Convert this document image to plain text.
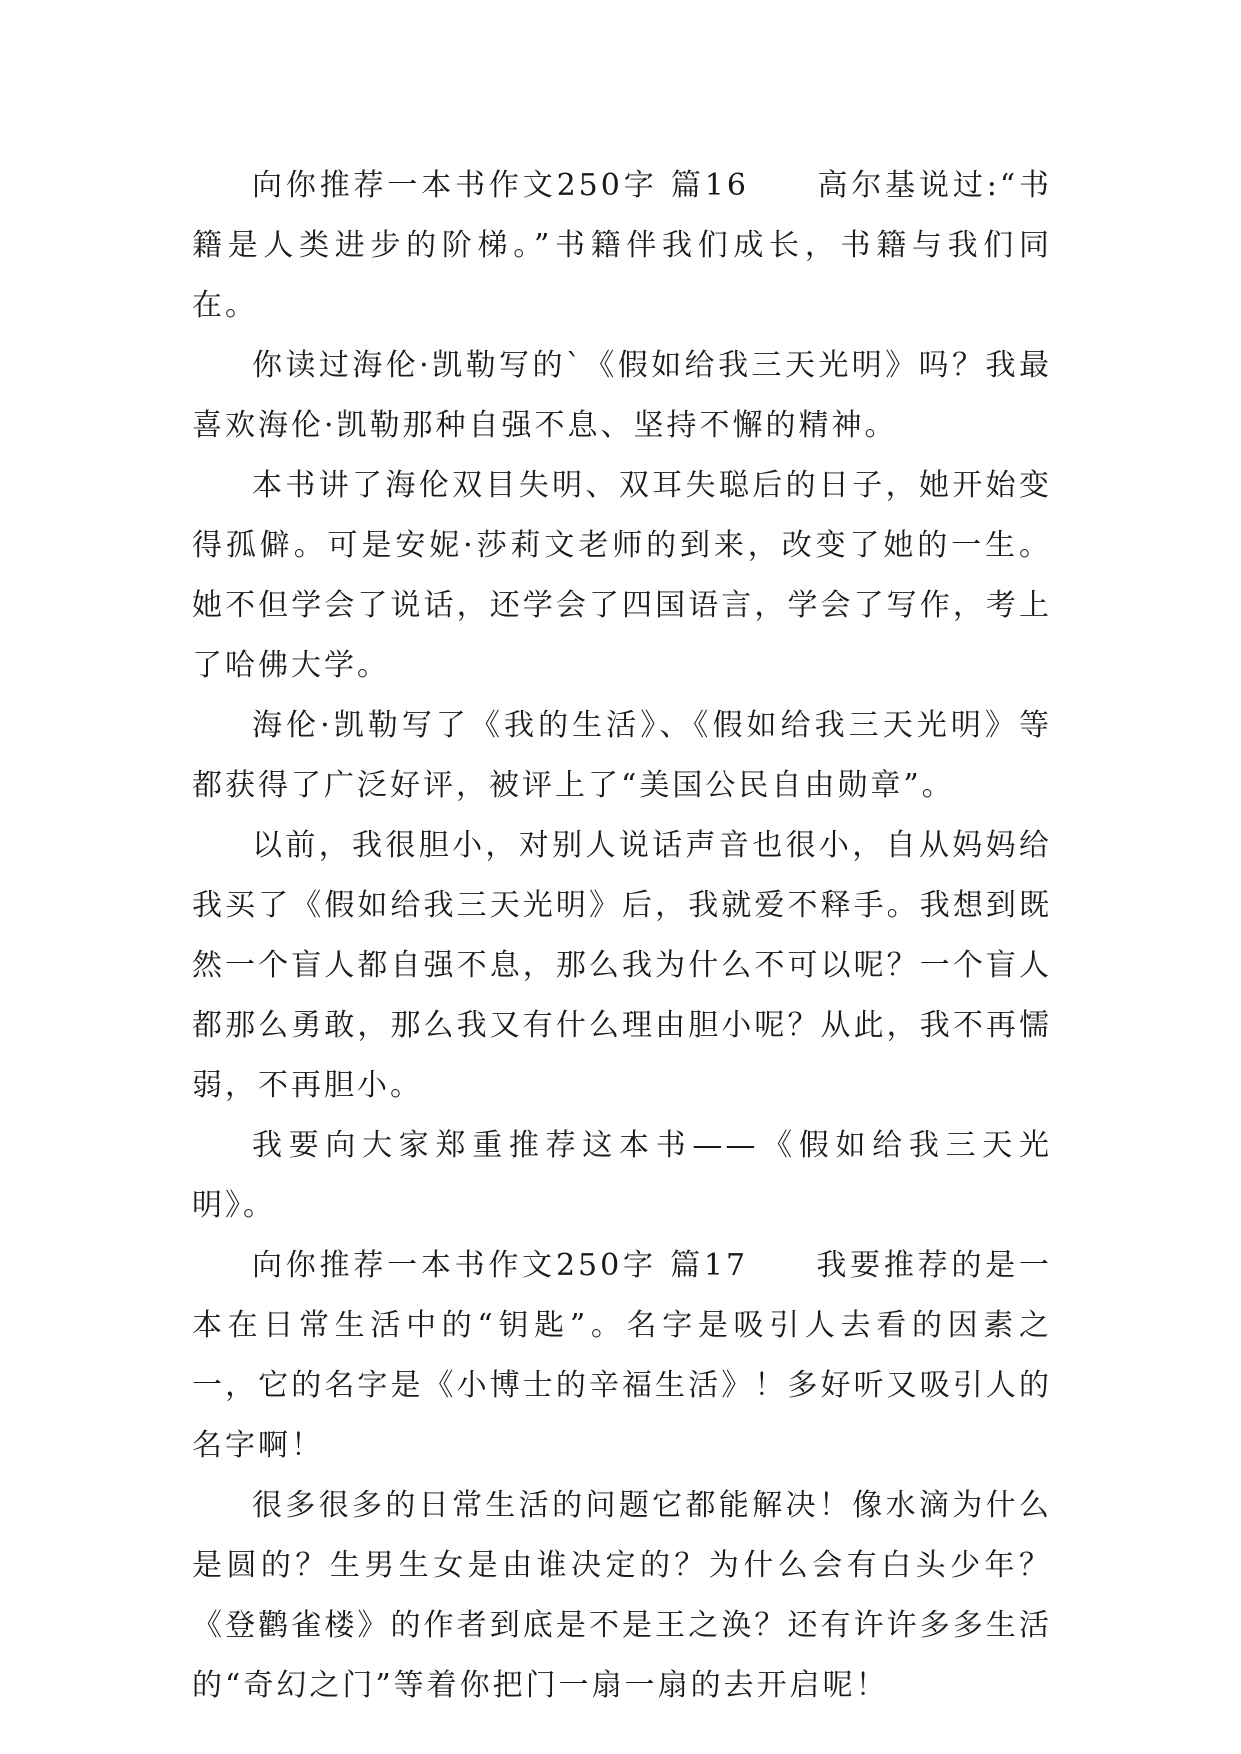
向你推荐一本书作文250字 篇16　　高尔基说过:“书籍是人类进步的阶梯。”书籍伴我们成长，书籍与我们同在。

你读过海伦·凯勒写的`《假如给我三天光明》吗？我最喜欢海伦·凯勒那种自强不息、坚持不懈的精神。

本书讲了海伦双目失明、双耳失聪后的日子，她开始变得孤僻。可是安妮·莎莉文老师的到来，改变了她的一生。她不但学会了说话，还学会了四国语言，学会了写作，考上了哈佛大学。

海伦·凯勒写了《我的生活》、《假如给我三天光明》等都获得了广泛好评，被评上了“美国公民自由勋章”。

以前，我很胆小，对别人说话声音也很小，自从妈妈给我买了《假如给我三天光明》后，我就爱不释手。我想到既然一个盲人都自强不息，那么我为什么不可以呢？一个盲人都那么勇敢，那么我又有什么理由胆小呢？从此，我不再懦弱，不再胆小。

我要向大家郑重推荐这本书——《假如给我三天光明》。

向你推荐一本书作文250字 篇17　　我要推荐的是一本在日常生活中的“钥匙”。名字是吸引人去看的因素之一，它的名字是《小博士的辛福生活》！多好听又吸引人的名字啊！

很多很多的日常生活的问题它都能解决！像水滴为什么是圆的？生男生女是由谁决定的？为什么会有白头少年？《登鹳雀楼》的作者到底是不是王之涣？还有许许多多生活的“奇幻之门”等着你把门一扇一扇的去开启呢！
